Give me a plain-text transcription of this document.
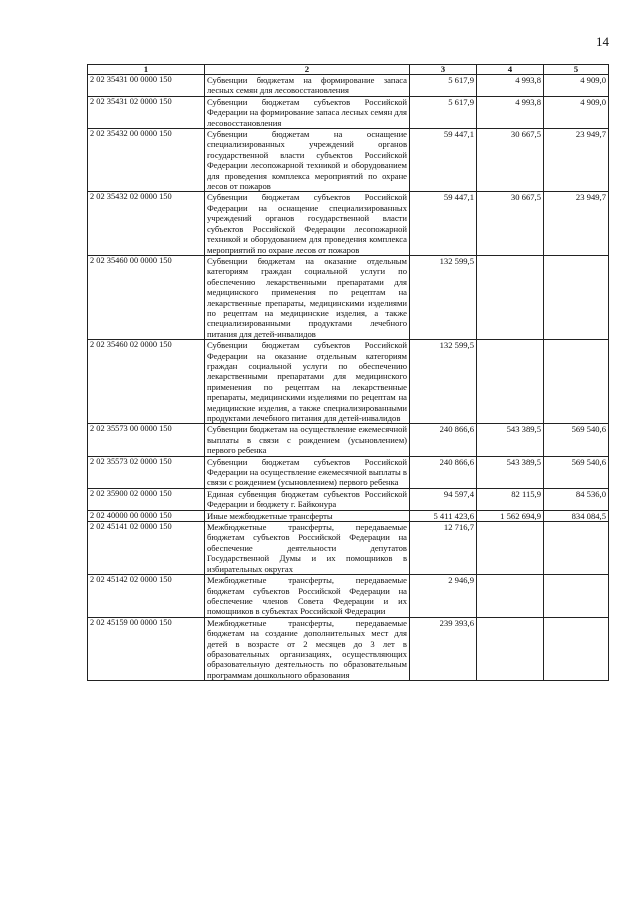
14
1	2	3	4	5
2 02 35431 00 0000 150	Субвенции бюджетам на формирование запаса лесных семян для лесовосстановления	5 617,9	4 993,8	4 909,0
2 02 35431 02 0000 150	Субвенции бюджетам субъектов Российской Федерации на формирование запаса лесных семян для лесовосстановления	5 617,9	4 993,8	4 909,0
2 02 35432 00 0000 150	Субвенции бюджетам на оснащение специализированных учреждений органов государственной власти субъектов Российской Федерации лесопожарной техникой и оборудованием для проведения комплекса мероприятий по охране лесов от пожаров	59 447,1	30 667,5	23 949,7
2 02 35432 02 0000 150	Субвенции бюджетам субъектов Российской Федерации на оснащение специализированных учреждений органов государственной власти субъектов Российской Федерации лесопожарной техникой и оборудованием для проведения комплекса мероприятий по охране лесов от пожаров	59 447,1	30 667,5	23 949,7
2 02 35460 00 0000 150	Субвенции бюджетам на оказание отдельным категориям граждан социальной услуги по обеспечению лекарственными препаратами для медицинского применения по рецептам на лекарственные препараты, медицинскими изделиями по рецептам на медицинские изделия, а также специализированными продуктами лечебного питания для детей-инвалидов	132 599,5		
2 02 35460 02 0000 150	Субвенции бюджетам субъектов Российской Федерации на оказание отдельным категориям граждан социальной услуги по обеспечению лекарственными препаратами для медицинского применения по рецептам на лекарственные препараты, медицинскими изделиями по рецептам на медицинские изделия, а также специализированными продуктами лечебного питания для детей-инвалидов	132 599,5		
2 02 35573 00 0000 150	Субвенции бюджетам на осуществление ежемесячной выплаты в связи с рождением (усыновлением) первого ребенка	240 866,6	543 389,5	569 540,6
2 02 35573 02 0000 150	Субвенции бюджетам субъектов Российской Федерации на осуществление ежемесячной выплаты в связи с рождением (усыновлением) первого ребенка	240 866,6	543 389,5	569 540,6
2 02 35900 02 0000 150	Единая субвенция бюджетам субъектов Российской Федерации и бюджету г. Байконура	94 597,4	82 115,9	84 536,0
2 02 40000 00 0000 150	Иные межбюджетные трансферты	5 411 423,6	1 562 694,9	834 084,5
2 02 45141 02 0000 150	Межбюджетные трансферты, передаваемые бюджетам субъектов Российской Федерации на обеспечение деятельности депутатов Государственной Думы и их помощников в избирательных округах	12 716,7		
2 02 45142 02 0000 150	Межбюджетные трансферты, передаваемые бюджетам субъектов Российской Федерации на обеспечение членов Совета Федерации и их помощников в субъектах Российской Федерации	2 946,9		
2 02 45159 00 0000 150	Межбюджетные трансферты, передаваемые бюджетам на создание дополнительных мест для детей в возрасте от 2 месяцев до 3 лет в образовательных организациях, осуществляющих образовательную деятельность по образовательным программам дошкольного образования	239 393,6		
